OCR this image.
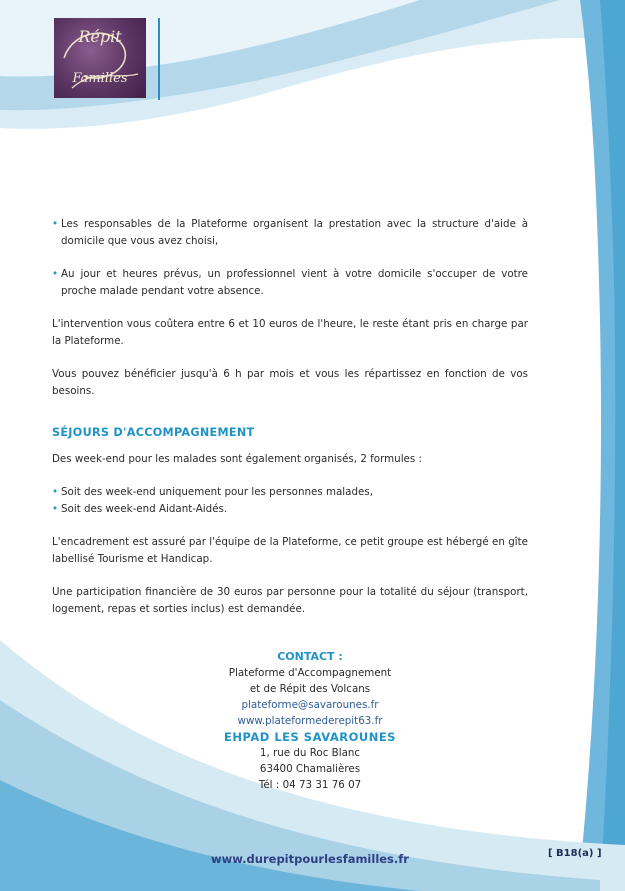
Répit
Familles
• Les responsables de la Plateforme organisent la prestation avec la structure d'aide à domicile que vous avez choisi,
• Au jour et heures prévus, un professionnel vient à votre domicile s'occuper de votre proche malade pendant votre absence.
L'intervention vous coûtera entre 6 et 10 euros de l'heure, le reste étant pris en charge par la Plateforme.
Vous pouvez bénéficier jusqu'à 6 h par mois et vous les répartissez en fonction de vos besoins.
SÉJOURS D'ACCOMPAGNEMENT
Des week-end pour les malades sont également organisés, 2 formules :
• Soit des week-end uniquement pour les personnes malades,
• Soit des week-end Aidant-Aidés.
L'encadrement est assuré par l'équipe de la Plateforme, ce petit groupe est hébergé en gîte labellisé Tourisme et Handicap.
Une participation financière de 30 euros par personne pour la totalité du séjour (transport, logement, repas et sorties inclus) est demandée.
CONTACT :
Plateforme d'Accompagnement
et de Répit des Volcans
plateforme@savarounes.fr
www.plateformederepit63.fr
EHPAD LES SAVAROUNES
1, rue du Roc Blanc
63400 Chamalières
Tél : 04 73 31 76 07
www.durepitpourlesfamilles.fr	[ B18(a) ]
